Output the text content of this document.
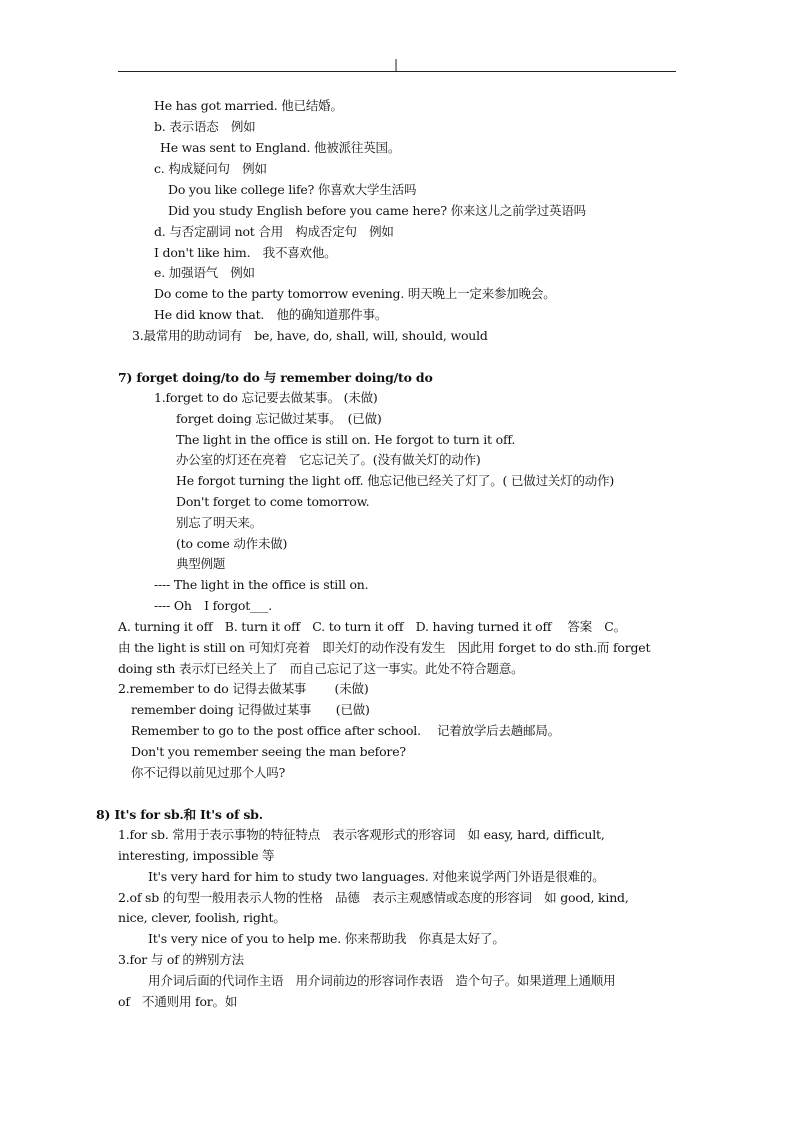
|
He has got married. 他已结婚。
b. 表示语态　例如
He was sent to England. 他被派往英国。
c. 构成疑问句　例如
Do you like college life? 你喜欢大学生活吗
Did you study English before you came here? 你来这儿之前学过英语吗
d. 与否定副词 not 合用　构成否定句　例如
I don't like him.　我不喜欢他。
e. 加强语气　例如
Do come to the party tomorrow evening. 明天晚上一定来参加晚会。
He did know that.　他的确知道那件事。
3.最常用的助动词有　be, have, do, shall, will, should, would
7) forget doing/to do 与 remember doing/to do
1.forget to do 忘记要去做某事。 (未做)
forget doing 忘记做过某事。　(已做)
The light in the office is still on. He forgot to turn it off.
办公室的灯还在亮着　它忘记关了。(没有做关灯的动作)
He forgot turning the light off. 他忘记他已经关了灯了。( 已做过关灯的动作)
Don't forget to come tomorrow.
别忘了明天来。
(to come 动作未做)
典型例题
---- The light in the office is still on.
---- Oh　I forgot___.
A. turning it off　B. turn it off　C. to turn it off　D. having turned it off　 答案　C。
由 the light is still on 可知灯亮着　即关灯的动作没有发生　因此用 forget to do sth.而 forget
doing sth 表示灯已经关上了　而自己忘记了这一事实。此处不符合题意。
2.remember to do 记得去做某事　　 (未做)
remember doing 记得做过某事　　(已做)
Remember to go to the post office after school.　 记着放学后去趟邮局。
Don't you remember seeing the man before?
你不记得以前见过那个人吗?
8) It's for sb.和 It's of sb.
1.for sb. 常用于表示事物的特征特点　表示客观形式的形容词　如 easy, hard, difficult,
interesting, impossible 等
It's very hard for him to study two languages. 对他来说学两门外语是很难的。
2.of sb 的句型一般用表示人物的性格　品德　表示主观感情或态度的形容词　如 good, kind,
nice, clever, foolish, right。
It's very nice of you to help me. 你来帮助我　你真是太好了。
3.for 与 of 的辨别方法
用介词后面的代词作主语　用介词前边的形容词作表语　造个句子。如果道理上通顺用
of　不通则用 for。如
